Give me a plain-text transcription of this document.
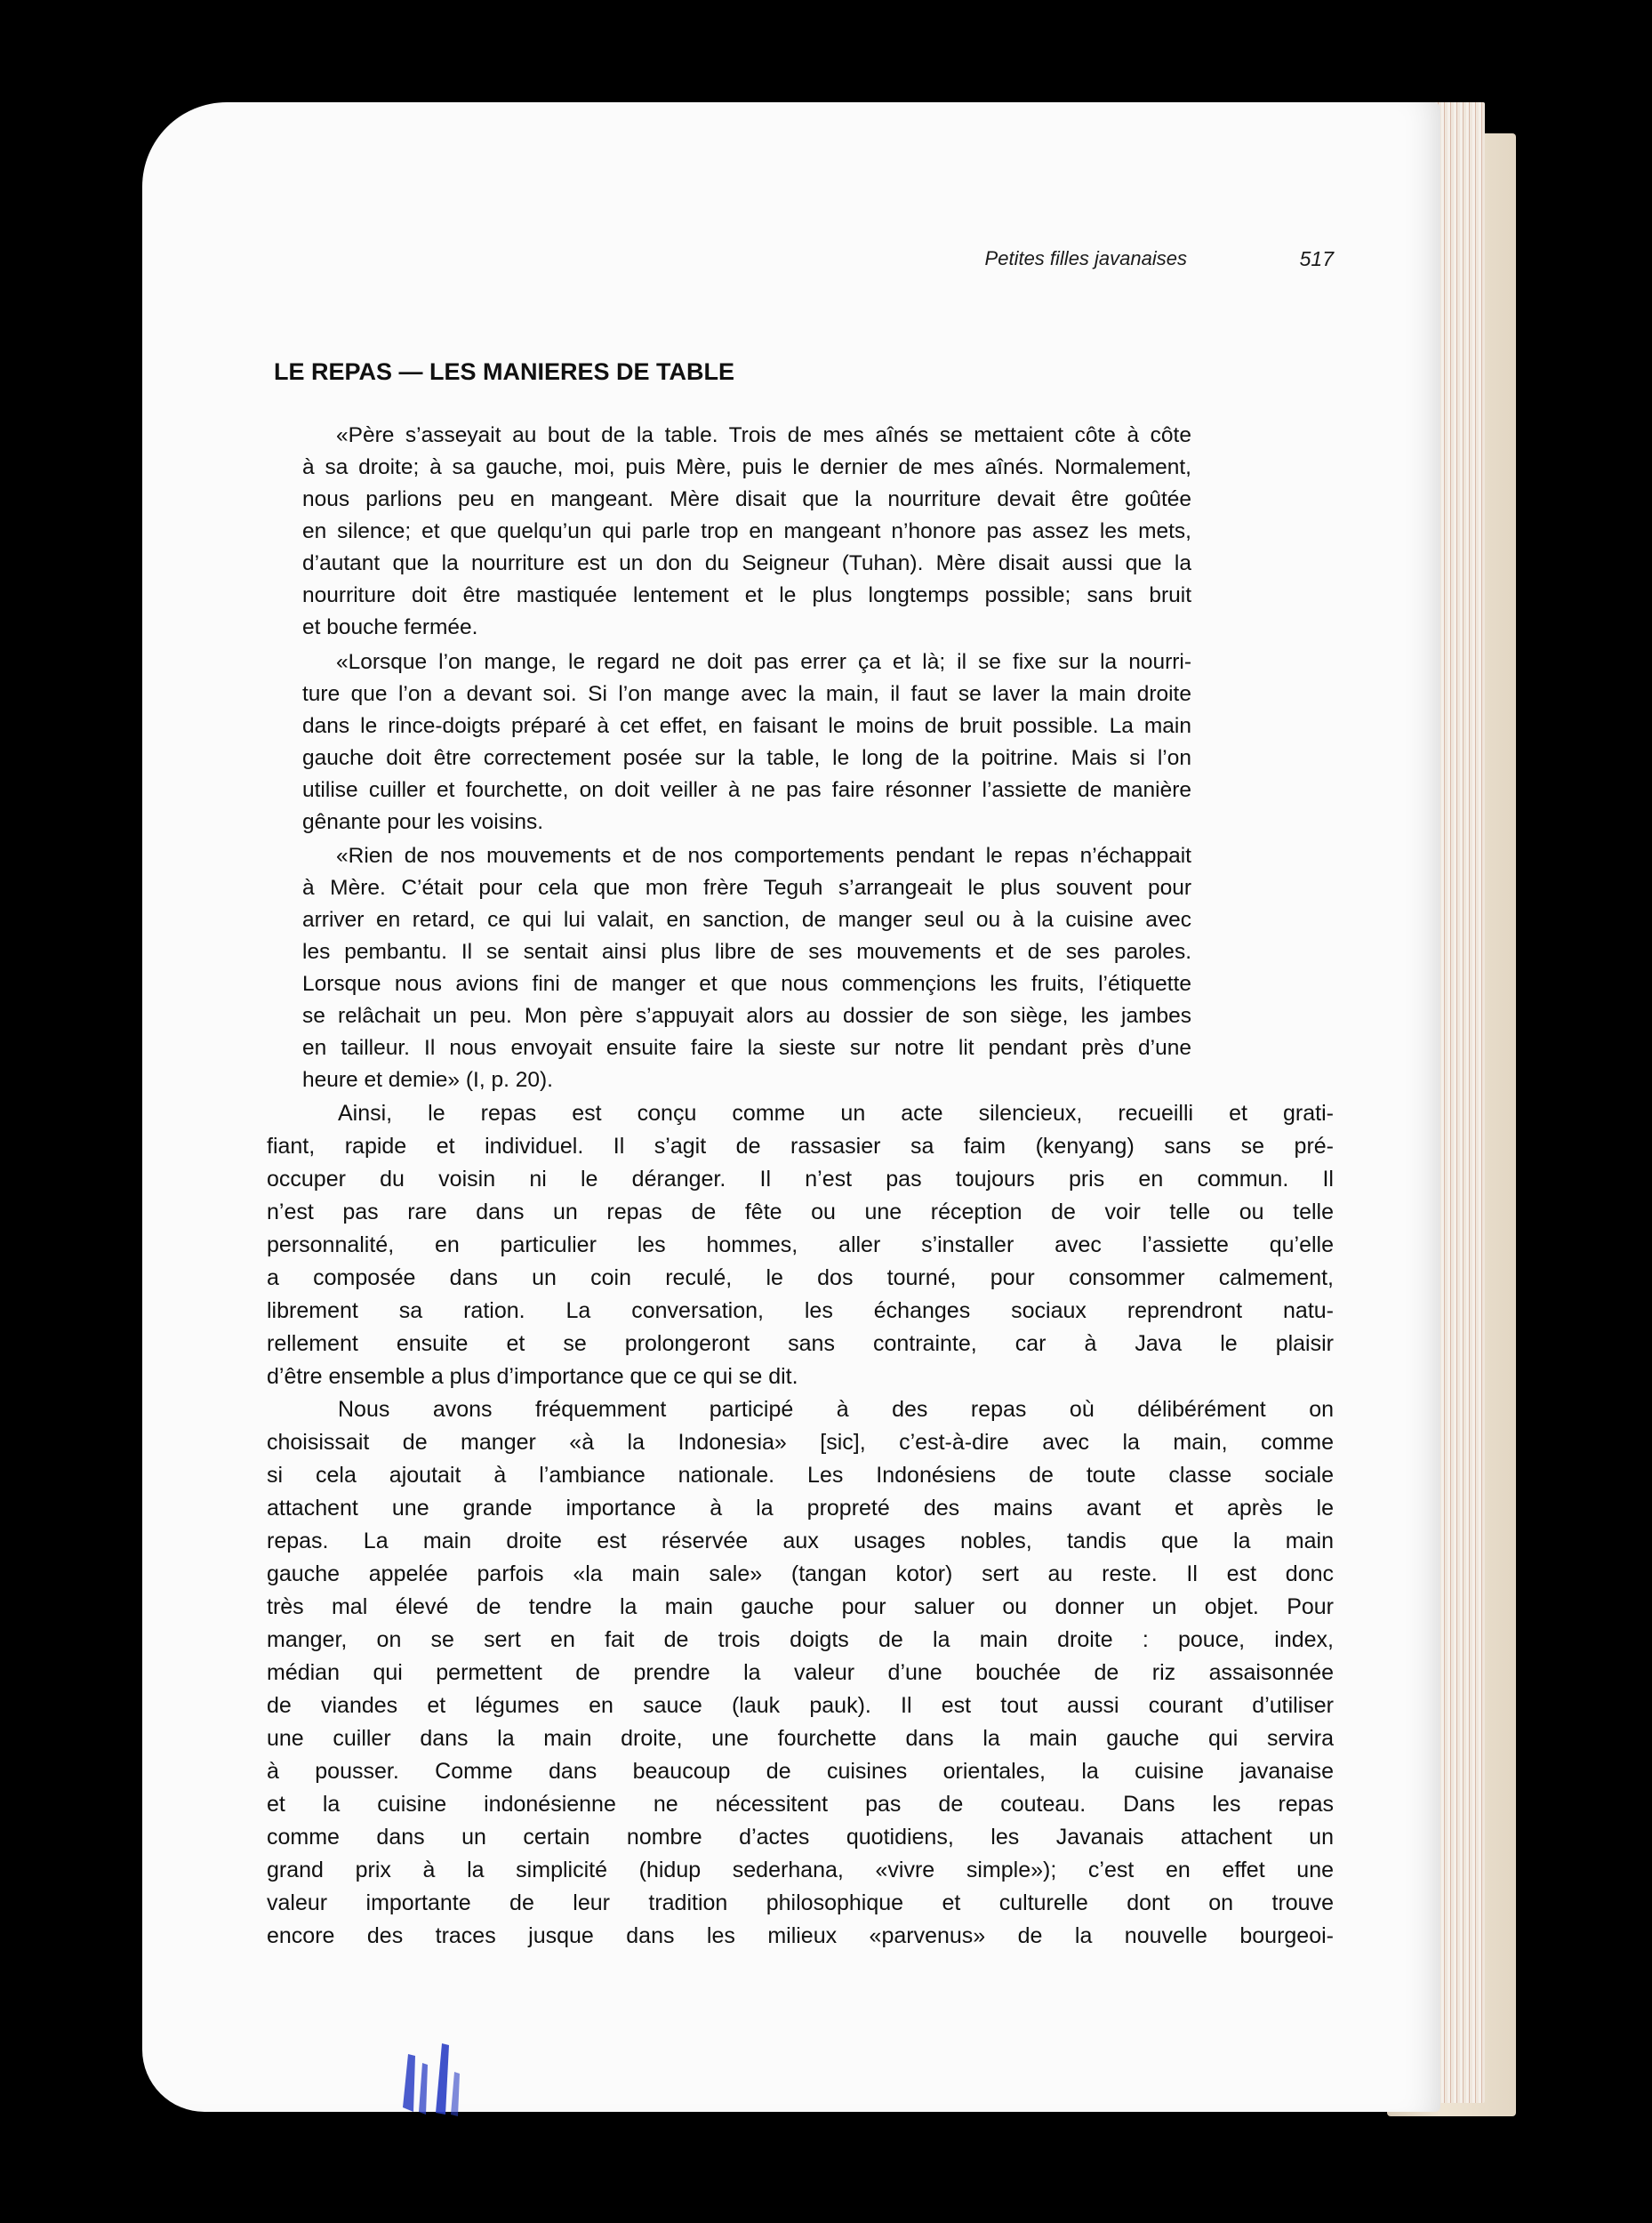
Petites filles javanaises	517
LE REPAS — LES MANIERES DE TABLE
«Père s’asseyait au bout de la table. Trois de mes aînés se mettaient côte à côte
à sa droite; à sa gauche, moi, puis Mère, puis le dernier de mes aînés. Normalement,
nous parlions peu en mangeant. Mère disait que la nourriture devait être goûtée
en silence; et que quelqu’un qui parle trop en mangeant n’honore pas assez les mets,
d’autant que la nourriture est un don du Seigneur (Tuhan). Mère disait aussi que la
nourriture doit être mastiquée lentement et le plus longtemps possible; sans bruit
et bouche fermée.
«Lorsque l’on mange, le regard ne doit pas errer ça et là; il se fixe sur la nourri-
ture que l’on a devant soi. Si l’on mange avec la main, il faut se laver la main droite
dans le rince-doigts préparé à cet effet, en faisant le moins de bruit possible. La main
gauche doit être correctement posée sur la table, le long de la poitrine. Mais si l’on
utilise cuiller et fourchette, on doit veiller à ne pas faire résonner l’assiette de manière
gênante pour les voisins.
«Rien de nos mouvements et de nos comportements pendant le repas n’échappait
à Mère. C’était pour cela que mon frère Teguh s’arrangeait le plus souvent pour
arriver en retard, ce qui lui valait, en sanction, de manger seul ou à la cuisine avec
les pembantu. Il se sentait ainsi plus libre de ses mouvements et de ses paroles.
Lorsque nous avions fini de manger et que nous commençions les fruits, l’étiquette
se relâchait un peu. Mon père s’appuyait alors au dossier de son siège, les jambes
en tailleur. Il nous envoyait ensuite faire la sieste sur notre lit pendant près d’une
heure et demie» (I, p. 20).
Ainsi, le repas est conçu comme un acte silencieux, recueilli et grati-
fiant, rapide et individuel. Il s’agit de rassasier sa faim (kenyang) sans se pré-
occuper du voisin ni le déranger. Il n’est pas toujours pris en commun. Il
n’est pas rare dans un repas de fête ou une réception de voir telle ou telle
personnalité, en particulier les hommes, aller s’installer avec l’assiette qu’elle
a composée dans un coin reculé, le dos tourné, pour consommer calmement,
librement sa ration. La conversation, les échanges sociaux reprendront natu-
rellement ensuite et se prolongeront sans contrainte, car à Java le plaisir
d’être ensemble a plus d’importance que ce qui se dit.
Nous avons fréquemment participé à des repas où délibérément on
choisissait de manger «à la Indonesia» [sic], c’est-à-dire avec la main, comme
si cela ajoutait à l’ambiance nationale. Les Indonésiens de toute classe sociale
attachent une grande importance à la propreté des mains avant et après le
repas. La main droite est réservée aux usages nobles, tandis que la main
gauche appelée parfois «la main sale» (tangan kotor) sert au reste. Il est donc
très mal élevé de tendre la main gauche pour saluer ou donner un objet. Pour
manger, on se sert en fait de trois doigts de la main droite : pouce, index,
médian qui permettent de prendre la valeur d’une bouchée de riz assaisonnée
de viandes et légumes en sauce (lauk pauk). Il est tout aussi courant d’utiliser
une cuiller dans la main droite, une fourchette dans la main gauche qui servira
à pousser. Comme dans beaucoup de cuisines orientales, la cuisine javanaise
et la cuisine indonésienne ne nécessitent pas de couteau. Dans les repas
comme dans un certain nombre d’actes quotidiens, les Javanais attachent un
grand prix à la simplicité (hidup sederhana, «vivre simple»); c’est en effet une
valeur importante de leur tradition philosophique et culturelle dont on trouve
encore des traces jusque dans les milieux «parvenus» de la nouvelle bourgeoi-
